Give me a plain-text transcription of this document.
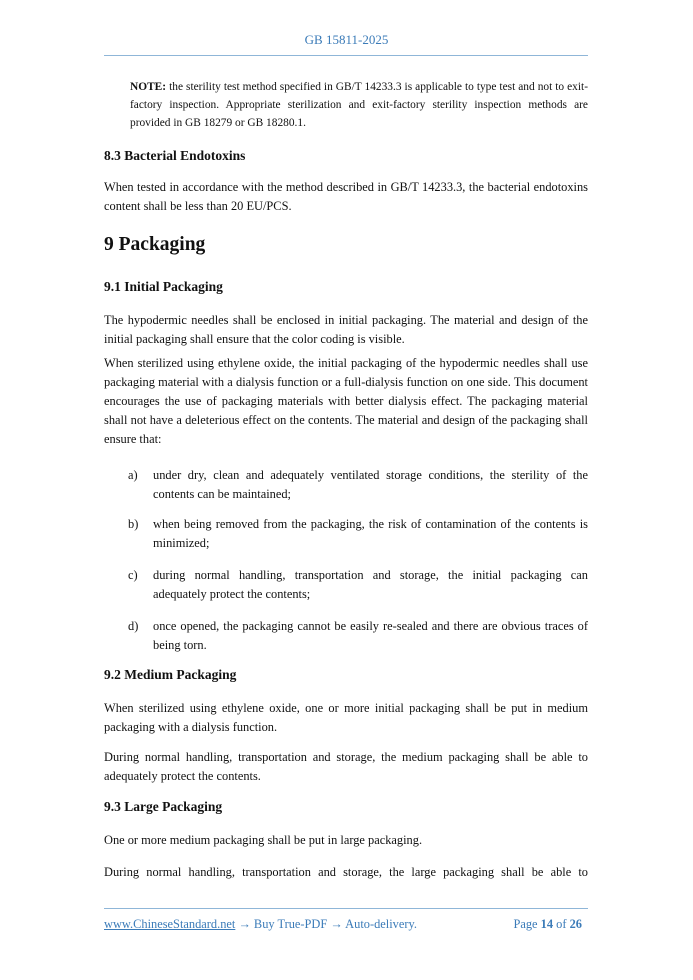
GB 15811-2025
NOTE: the sterility test method specified in GB/T 14233.3 is applicable to type test and not to exit-factory inspection. Appropriate sterilization and exit-factory sterility inspection methods are provided in GB 18279 or GB 18280.1.
8.3 Bacterial Endotoxins
When tested in accordance with the method described in GB/T 14233.3, the bacterial endotoxins content shall be less than 20 EU/PCS.
9 Packaging
9.1 Initial Packaging
The hypodermic needles shall be enclosed in initial packaging. The material and design of the initial packaging shall ensure that the color coding is visible.
When sterilized using ethylene oxide, the initial packaging of the hypodermic needles shall use packaging material with a dialysis function or a full-dialysis function on one side. This document encourages the use of packaging materials with better dialysis effect. The packaging material shall not have a deleterious effect on the contents. The material and design of the packaging shall ensure that:
a) under dry, clean and adequately ventilated storage conditions, the sterility of the contents can be maintained;
b) when being removed from the packaging, the risk of contamination of the contents is minimized;
c) during normal handling, transportation and storage, the initial packaging can adequately protect the contents;
d) once opened, the packaging cannot be easily re-sealed and there are obvious traces of being torn.
9.2 Medium Packaging
When sterilized using ethylene oxide, one or more initial packaging shall be put in medium packaging with a dialysis function.
During normal handling, transportation and storage, the medium packaging shall be able to adequately protect the contents.
9.3 Large Packaging
One or more medium packaging shall be put in large packaging.
During normal handling, transportation and storage, the large packaging shall be able to
www.ChineseStandard.net → Buy True-PDF → Auto-delivery.	Page 14 of 26
